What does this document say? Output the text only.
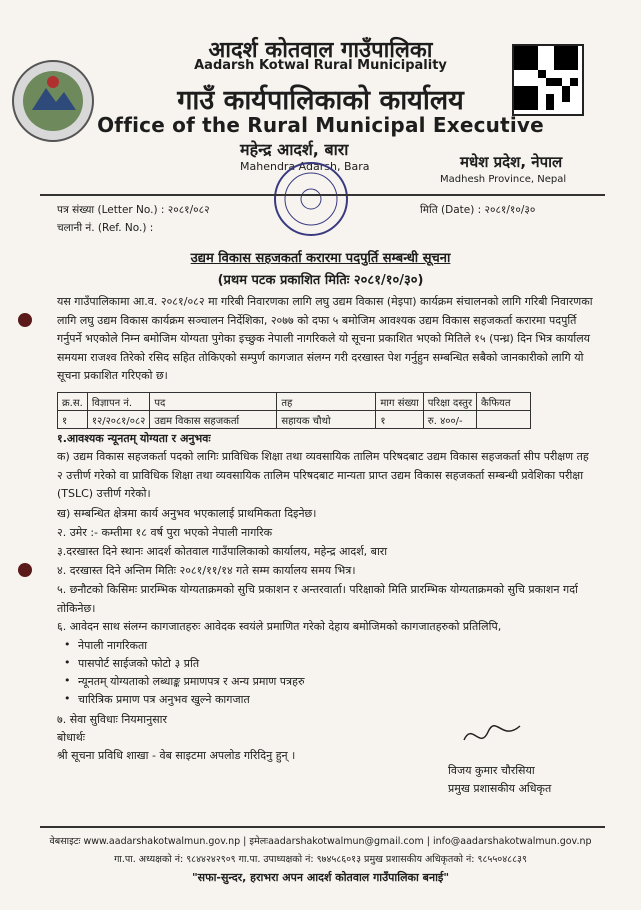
आदर्श कोतवाल गाउँपालिका
Aadarsh Kotwal Rural Municipality
गाउँ कार्यपालिकाको कार्यालय
Office of the Rural Municipal Executive
महेन्द्र आदर्श, बारा
Mahendra Adarsh, Bara	मधेश प्रदेश, नेपाल
Madhesh Province, Nepal
पत्र संख्या (Letter No.) : २०८१/०८२
चलानी नं. (Ref. No.) :
मिति (Date) : २०८१/१०/३०
उद्यम विकास सहजकर्ता करारमा पदपुर्ति सम्बन्धी सूचना
(प्रथम पटक प्रकाशित मितिः २०८१/१०/३०)
यस गाउँपालिकामा आ.व. २०८१/०८२ मा गरिबी निवारणका लागि लघु उद्यम विकास (मेइपा) कार्यक्रम संचालनको लागि गरिबी निवारणका लागि लघु उद्यम विकास कार्यक्रम सञ्चालन निर्देशिका, २०७७ को दफा ५ बमोजिम आवश्यक उद्यम विकास सहजकर्ता करारमा पदपुर्ति गर्नुपर्ने भएकोले निम्न बमोजिम योग्यता पुगेका इच्छुक नेपाली नागरिकले यो सूचना प्रकाशित भएको मितिले १५ (पन्ध्र) दिन भित्र कार्यालय समयमा राजश्व तिरेको रसिद सहित तोकिएको सम्पुर्ण कागजात संलग्न गरी दरखास्त पेश गर्नुहुन सम्बन्धित सबैको जानकारीको लागि यो सूचना प्रकाशित गरिएको छ।
क्र.स.	विज्ञापन नं.	पद	तह	माग संख्या	परिक्षा दस्तुर	कैफियत
१	१२/२०८१/०८२	उद्यम विकास सहजकर्ता	सहायक चौथो	१	रु. ४००/-	
१.आवश्यक न्यूनतम् योग्यता र अनुभवः
क) उद्यम विकास सहजकर्ता पदको लागिः प्राविधिक शिक्षा तथा व्यवसायिक तालिम परिषदबाट उद्यम विकास सहजकर्ता सीप परीक्षण तह २ उत्तीर्ण गरेको वा प्राविधिक शिक्षा तथा व्यवसायिक तालिम परिषदबाट मान्यता प्राप्त उद्यम विकास सहजकर्ता सम्बन्धी प्रवेशिका परीक्षा (TSLC) उत्तीर्ण गरेको।
ख) सम्बन्धित क्षेत्रमा कार्य अनुभव भएकालाई प्राथमिकता दिइनेछ।
२. उमेर :- कम्तीमा १८ वर्ष पुरा भएको नेपाली नागरिक
३.दरखास्त दिने स्थानः आदर्श कोतवाल गाउँपालिकाको कार्यालय, महेन्द्र आदर्श, बारा
४. दरखास्त दिने अन्तिम मितिः २०८१/११/१४ गते सम्म कार्यालय समय भित्र।
५. छनौटको किसिमः प्रारम्भिक योग्यताक्रमको सुचि प्रकाशन र अन्तरवार्ता। परिक्षाको मिति प्रारम्भिक योग्यताक्रमको सुचि प्रकाशन गर्दा तोकिनेछ।
६. आवेदन साथ संलग्न कागजातहरुः आवेदक स्वयंले प्रमाणित गरेको देहाय बमोजिमको कागजातहरुको प्रतिलिपि,
• नेपाली नागरिकता
• पासपोर्ट साईजको फोटो ३ प्रति
• न्यूनतम् योग्यताको लब्धाङ्क प्रमाणपत्र र अन्य प्रमाण पत्रहरु
• चारित्रिक प्रमाण पत्र अनुभव खुल्ने कागजात
७. सेवा सुविधाः नियमानुसार
बोधार्थः
श्री सूचना प्रविधि शाखा - वेब साइटमा अपलोड गरिदिनु हुन् ।
विजय कुमार चौरसिया
प्रमुख प्रशासकीय अधिकृत
वेबसाइटः www.aadarshakotwalmun.gov.np | इमेलःaadarshakotwalmun@gmail.com | info@aadarshakotwalmun.gov.np
गा.पा. अध्यक्षको नं: ९८४४२४२९०९ गा.पा. उपाध्यक्षको नं: ९७४५८६०१३ प्रमुख प्रशासकीय अधिकृतको नं: ९८५५०४८८३९
"सफा-सुन्दर, हराभरा अपन आदर्श कोतवाल गाउँपालिका बनाई"
